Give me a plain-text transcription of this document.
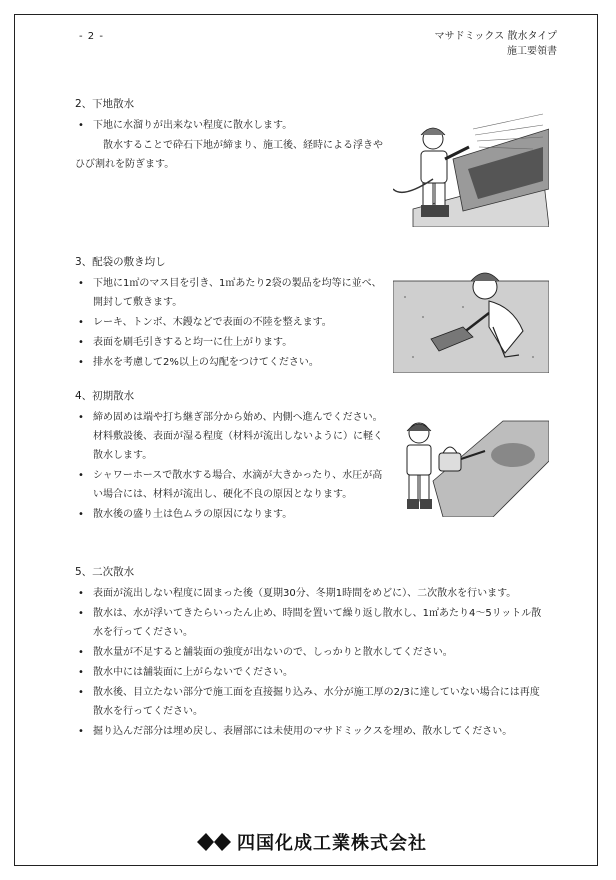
- 2 -	マサドミックス 散水タイプ
施工要領書
2、下地散水
• 下地に水溜りが出来ない程度に散水します。
散水することで砕石下地が締まり、施工後、経時による浮きやひび割れを防ぎます。
3、配袋の敷き均し
• 下地に1㎡のマス目を引き、1㎡あたり2袋の製品を均等に並べ、開封して敷きます。
• レーキ、トンボ、木鏝などで表面の不陸を整えます。
• 表面を刷毛引きすると均一に仕上がります。
• 排水を考慮して2%以上の勾配をつけてください。
4、初期散水
• 締め固めは端や打ち継ぎ部分から始め、内側へ進んでください。材料敷設後、表面が湿る程度（材料が流出しないように）に軽く散水します。
• シャワーホースで散水する場合、水滴が大きかったり、水圧が高い場合には、材料が流出し、硬化不良の原因となります。
• 散水後の盛り土は色ムラの原因になります。
5、二次散水
• 表面が流出しない程度に固まった後（夏期30分、冬期1時間をめどに）、二次散水を行います。
• 散水は、水が浮いてきたらいったん止め、時間を置いて繰り返し散水し、1㎡あたり4～5リットル散水を行ってください。
• 散水量が不足すると舗装面の強度が出ないので、しっかりと散水してください。
• 散水中には舗装面に上がらないでください。
• 散水後、目立たない部分で施工面を直接掘り込み、水分が施工厚の2/3に達していない場合には再度散水を行ってください。
• 掘り込んだ部分は埋め戻し、表層部には未使用のマサドミックスを埋め、散水してください。
四国化成工業株式会社
